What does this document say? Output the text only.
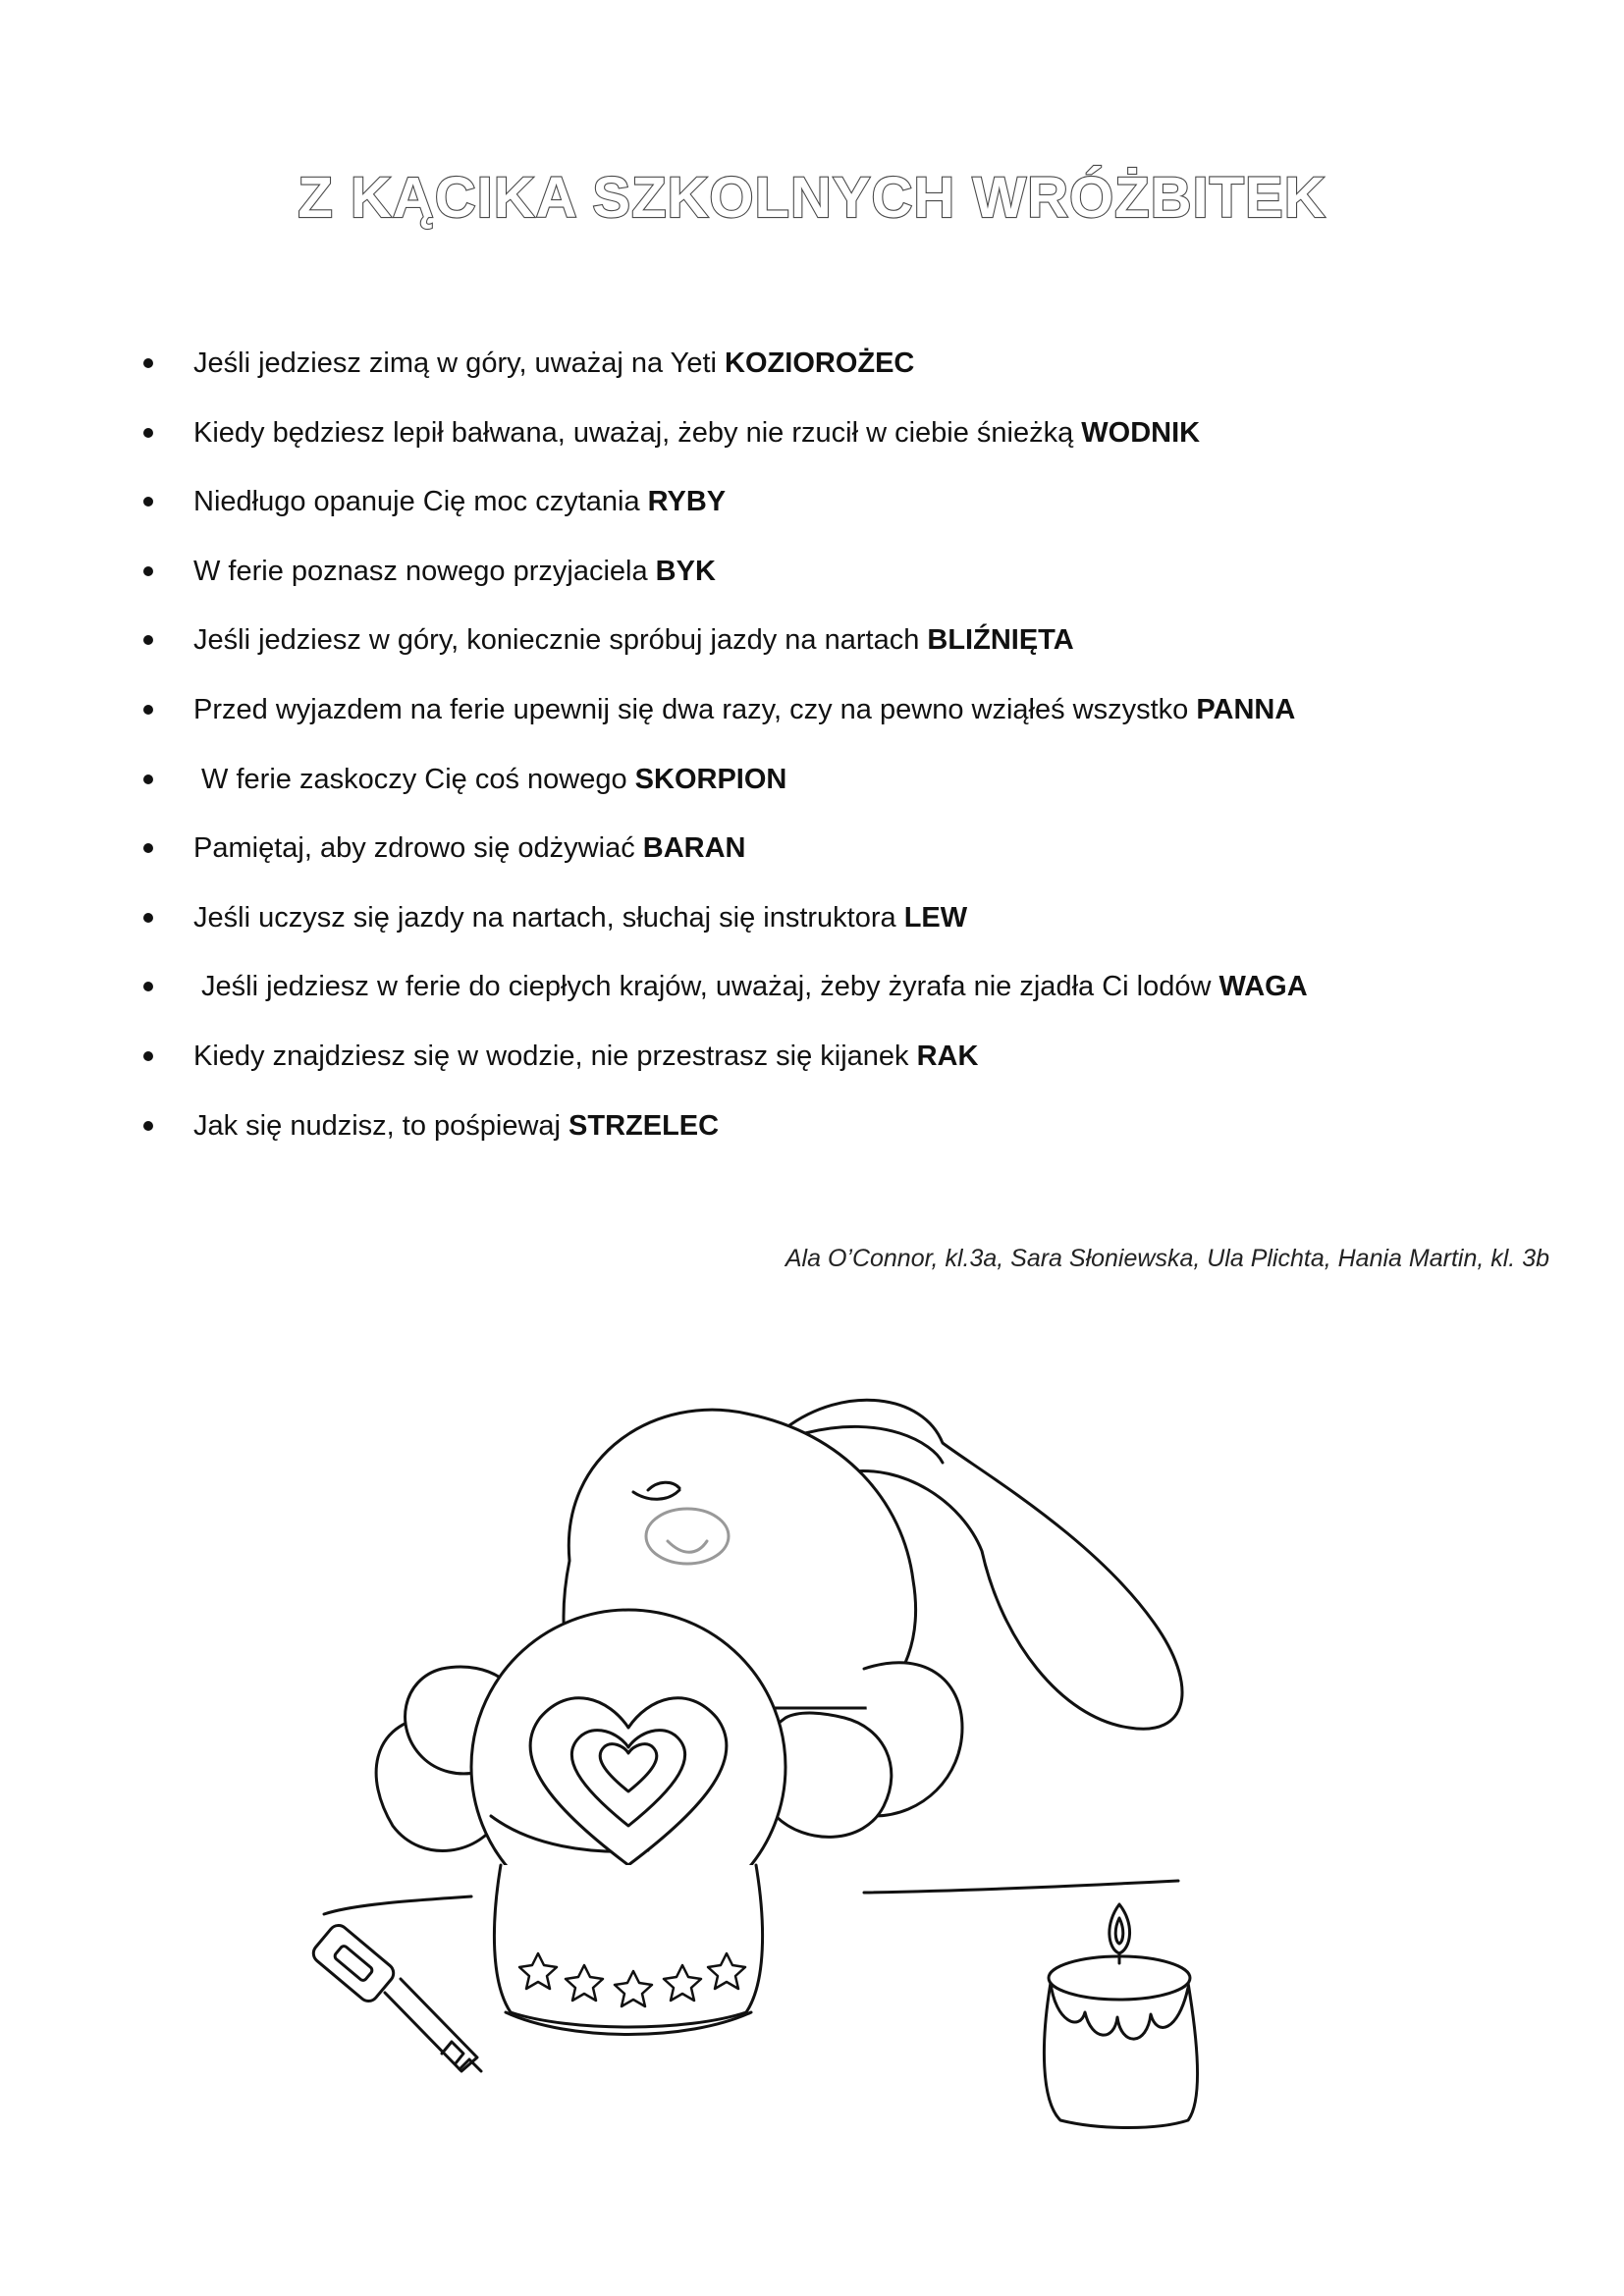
Z KĄCIKA SZKOLNYCH WRÓŻBITEK
Jeśli jedziesz zimą w góry, uważaj na Yeti KOZIOROŻEC
Kiedy będziesz lepił bałwana, uważaj, żeby nie rzucił w ciebie śnieżką WODNIK
Niedługo opanuje Cię moc czytania RYBY
W ferie poznasz nowego przyjaciela BYK
Jeśli jedziesz w góry, koniecznie spróbuj jazdy na nartach BLIŹNIĘTA
Przed wyjazdem na ferie upewnij się dwa razy, czy na pewno wziąłeś wszystko PANNA
W ferie zaskoczy Cię coś nowego SKORPION
Pamiętaj, aby zdrowo się odżywiać BARAN
Jeśli uczysz się jazdy na nartach, słuchaj się instruktora LEW
Jeśli jedziesz w ferie do ciepłych krajów, uważaj, żeby żyrafa nie zjadła Ci lodów WAGA
Kiedy znajdziesz się w wodzie, nie przestrasz się kijanek RAK
Jak się nudzisz, to pośpiewaj STRZELEC

Ala O’Connor, kl.3a, Sara Słoniewska, Ula Plichta, Hania Martin, kl. 3b
